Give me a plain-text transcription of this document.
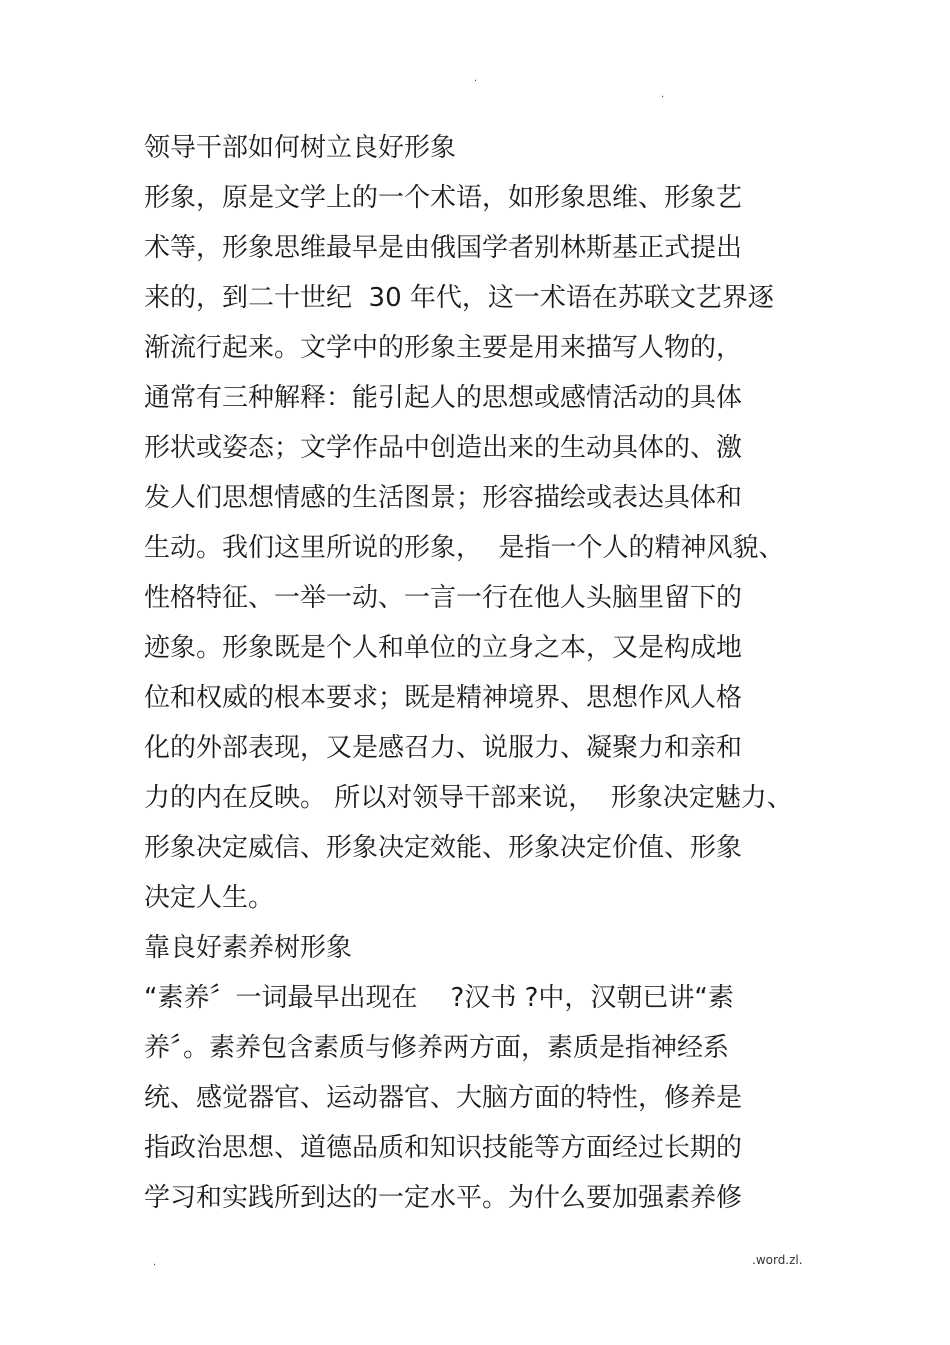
.
.
领导干部如何树立良好形象
形象，原是文学上的一个术语，如形象思维、形象艺
术等，形象思维最早是由俄国学者别林斯基正式提出
来的，到二十世纪  30 年代，这一术语在苏联文艺界逐
渐流行起来。文学中的形象主要是用来描写人物的，
通常有三种解释：能引起人的思想或感情活动的具体
形状或姿态；文学作品中创造出来的生动具体的、激
发人们思想情感的生活图景；形容描绘或表达具体和
生动。我们这里所说的形象，  是指一个人的精神风貌、
性格特征、一举一动、一言一行在他人头脑里留下的
迹象。形象既是个人和单位的立身之本，又是构成地
位和权威的根本要求；既是精神境界、思想作风人格
化的外部表现，又是感召力、说服力、凝聚力和亲和
力的内在反映。 所以对领导干部来说，  形象决定魅力、
形象决定威信、形象决定效能、形象决定价值、形象
决定人生。
靠良好素养树形象
“素养〞一词最早出现在    ?汉书 ?中，汉朝已讲“素
养〞。素养包含素质与修养两方面，素质是指神经系
统、感觉器官、运动器官、大脑方面的特性，修养是
指政治思想、道德品质和知识技能等方面经过长期的
学习和实践所到达的一定水平。为什么要加强素养修
.	.word.zl.
